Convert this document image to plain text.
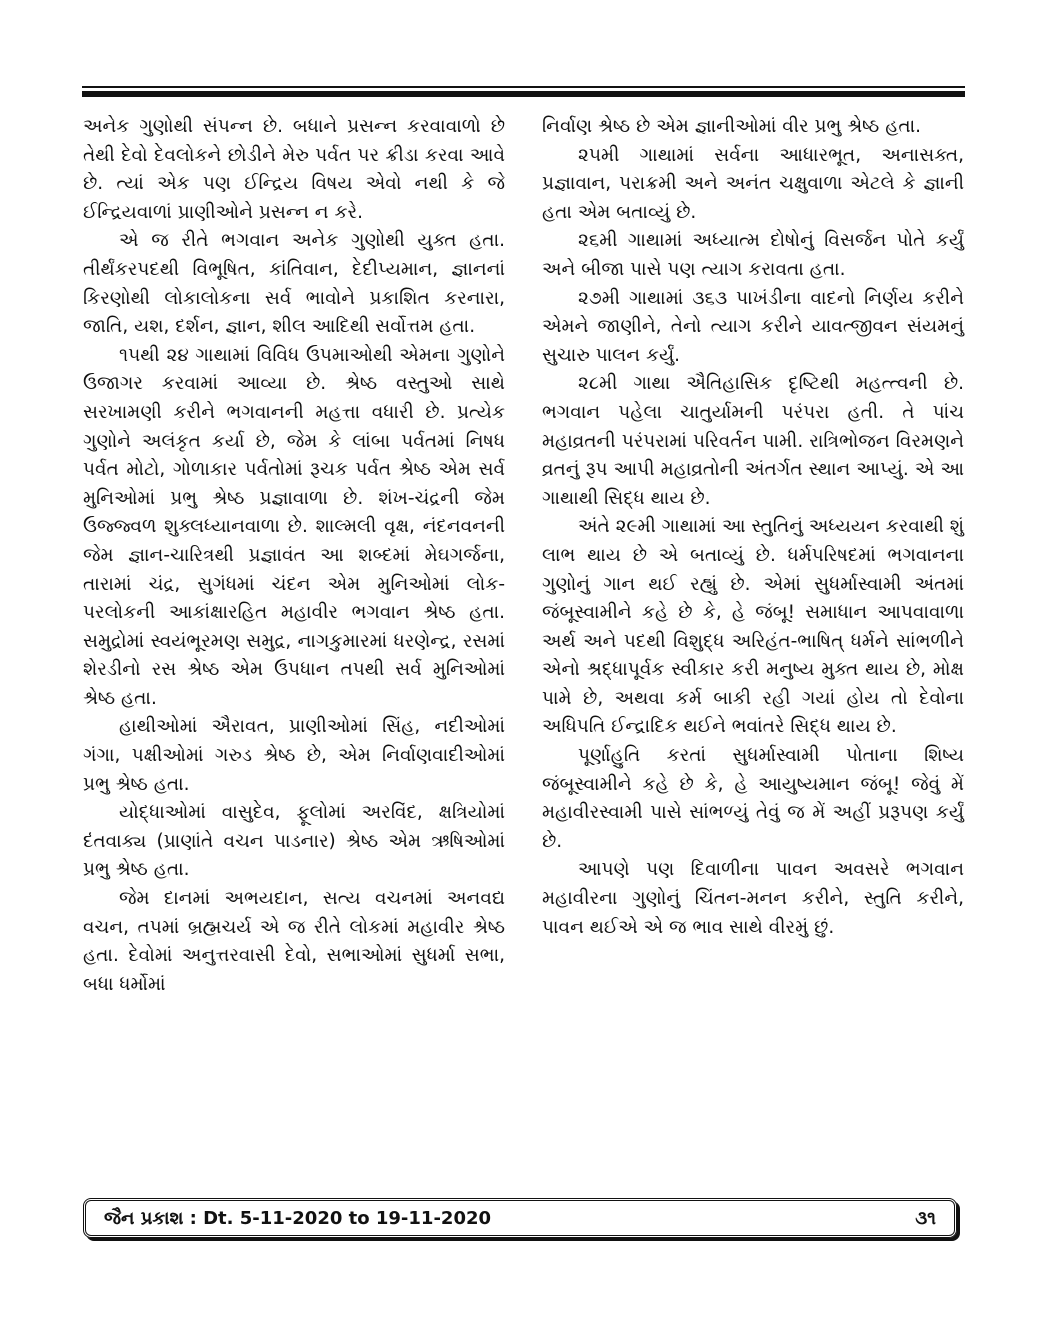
અનેક ગુણોથી સંપન્ન છે. બધાને પ્રસન્ન કરવાવાળો છે તેથી દેવો દેવલોકને છોડીને મેરુ પર્વત પર ક્રીડા કરવા આવે છે. ત્યાં એક પણ ઈન્દ્રિય વિષય એવો નથી કે જે ઈન્દ્રિયવાળાં પ્રાણીઓને પ્રસન્ન ન કરે.

એ જ રીતે ભગવાન અનેક ગુણોથી યુક્ત હતા. તીર્થંકરપદથી વિભૂષિત, કાંતિવાન, દેદીપ્યમાન, જ્ઞાનનાં કિરણોથી લોકાલોકના સર્વ ભાવોને પ્રકાશિત કરનારા, જાતિ, યશ, દર્શન, જ્ઞાન, શીલ આદિથી સર્વોત્તમ હતા.

૧૫થી ૨૪ ગાથામાં વિવિધ ઉપમાઓથી એમના ગુણોને ઉજાગર કરવામાં આવ્યા છે. શ્રેષ્ઠ વસ્તુઓ સાથે સરખામણી કરીને ભગવાનની મહત્તા વધારી છે. પ્રત્યેક ગુણોને અલંકૃત કર્યા છે, જેમ કે લાંબા પર્વતમાં નિષધ પર્વત મોટો, ગોળાકાર પર્વતોમાં રૂચક પર્વત શ્રેષ્ઠ એમ સર્વ મુનિઓમાં પ્રભુ શ્રેષ્ઠ પ્રજ્ઞાવાળા છે. શંખ-ચંદ્રની જેમ ઉજ્જ્વળ શુક્લધ્યાનવાળા છે. શાલ્મલી વૃક્ષ, નંદનવનની જેમ જ્ઞાન-ચારિત્રથી પ્રજ્ઞાવંત આ શબ્દમાં મેઘગર્જના, તારામાં ચંદ્ર, સુગંધમાં ચંદન એમ મુનિઓમાં લોક-પરલોકની આકાંક્ષારહિત મહાવીર ભગવાન શ્રેષ્ઠ હતા. સમુદ્રોમાં સ્વયંભૂરમણ સમુદ્ર, નાગકુમારમાં ધરણેન્દ્ર, રસમાં શેરડીનો રસ શ્રેષ્ઠ એમ ઉપધાન તપથી સર્વ મુનિઓમાં શ્રેષ્ઠ હતા.

હાથીઓમાં ઐરાવત, પ્રાણીઓમાં સિંહ, નદીઓમાં ગંગા, પક્ષીઓમાં ગરુડ શ્રેષ્ઠ છે, એમ નિર્વાણવાદીઓમાં પ્રભુ શ્રેષ્ઠ હતા.

યોદ્ધાઓમાં વાસુદેવ, ફૂલોમાં અરવિંદ, ક્ષત્રિયોમાં દંતવાક્ય (પ્રાણાંતે વચન પાડનાર) શ્રેષ્ઠ એમ ઋષિઓમાં પ્રભુ શ્રેષ્ઠ હતા.

જેમ દાનમાં અભયદાન, સત્ય વચનમાં અનવદ્ય વચન, તપમાં બ્રહ્મચર્ય એ જ રીતે લોકમાં મહાવીર શ્રેષ્ઠ હતા. દેવોમાં અનુત્તરવાસી દેવો, સભાઓમાં સુધર્મા સભા, બધા ધર્મોમાં

નિર્વાણ શ્રેષ્ઠ છે એમ જ્ઞાનીઓમાં વીર પ્રભુ શ્રેષ્ઠ હતા.

૨૫મી ગાથામાં સર્વના આધારભૂત, અનાસક્ત, પ્રજ્ઞાવાન, પરાક્રમી અને અનંત ચક્ષુવાળા એટલે કે જ્ઞાની હતા એમ બતાવ્યું છે.

૨૬મી ગાથામાં અધ્યાત્મ દોષોનું વિસર્જન પોતે કર્યું અને બીજા પાસે પણ ત્યાગ કરાવતા હતા.

૨૭મી ગાથામાં ૩૬૩ પાખંડીના વાદનો નિર્ણય કરીને એમને જાણીને, તેનો ત્યાગ કરીને યાવત્જીવન સંયમનું સુચારુ પાલન કર્યું.

૨૮મી ગાથા ઐતિહાસિક દૃષ્ટિથી મહત્ત્વની છે. ભગવાન પહેલા ચાતુર્યામની પરંપરા હતી. તે પાંચ મહાવ્રતની પરંપરામાં પરિવર્તન પામી. રાત્રિભોજન વિરમણને વ્રતનું રૂપ આપી મહાવ્રતોની અંતર્ગત સ્થાન આપ્યું. એ આ ગાથાથી સિદ્ધ થાય છે.

અંતે ૨૯મી ગાથામાં આ સ્તુતિનું અધ્યયન કરવાથી શું લાભ થાય છે એ બતાવ્યું છે. ધર્મપરિષદમાં ભગવાનના ગુણોનું ગાન થઈ રહ્યું છે. એમાં સુધર્માસ્વામી અંતમાં જંબૂસ્વામીને કહે છે કે, હે જંબૂ! સમાધાન આપવાવાળા અર્થ અને પદથી વિશુદ્ધ અરિહંત-ભાષિત્ ધર્મને સાંભળીને એનો શ્રદ્ધાપૂર્વક સ્વીકાર કરી મનુષ્ય મુક્ત થાય છે, મોક્ષ પામે છે, અથવા કર્મ બાકી રહી ગયાં હોય તો દેવોના અધિપતિ ઈન્દ્રાદિક થઈને ભવાંતરે સિદ્ધ થાય છે.

પૂર્ણાહુતિ કરતાં સુધર્માસ્વામી પોતાના શિષ્ય જંબૂસ્વામીને કહે છે કે, હે આયુષ્યમાન જંબૂ! જેવું મેં મહાવીરસ્વામી પાસે સાંભળ્યું તેવું જ મેં અહીં પ્રરૂપણ કર્યું છે.

આપણે પણ દિવાળીના પાવન અવસરે ભગવાન મહાવીરના ગુણોનું ચિંતન-મનન કરીને, સ્તુતિ કરીને, પાવન થઈએ એ જ ભાવ સાથે વીરમું છું.

જૈન પ્રકાશ : Dt. 5-11-2020 to 19-11-2020	૩૧
